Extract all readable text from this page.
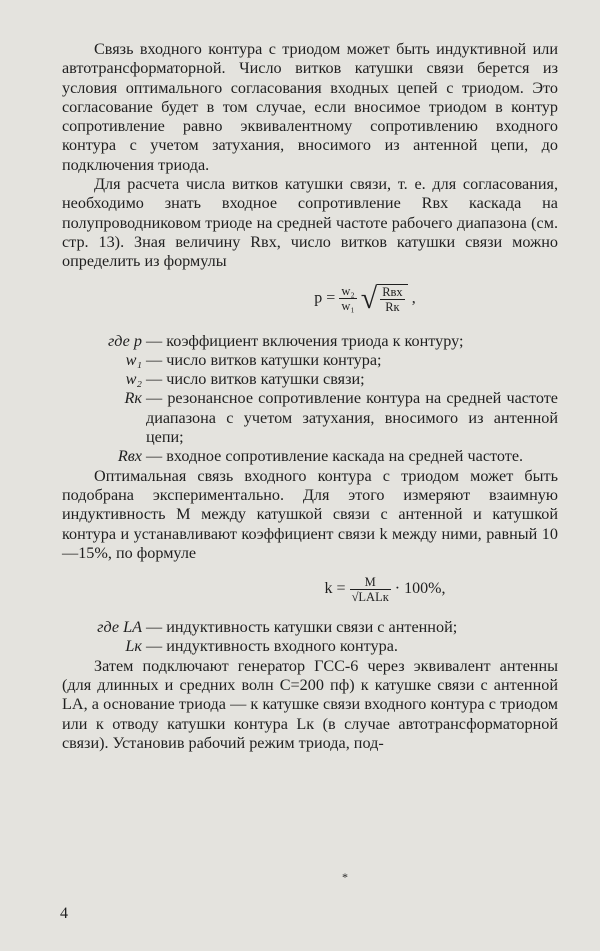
Связь входного контура с триодом может быть индуктивной или автотрансформаторной. Число витков катушки связи берется из условия оптимального согласования входных цепей с триодом. Это согласование будет в том случае, если вносимое триодом в контур сопротивление равно эквивалентному сопротивлению входного контура с учетом затухания, вносимого из антенной цепи, до подключения триода.

Для расчета числа витков катушки связи, т. е. для согласования, необходимо знать входное сопротивление Rвх каскада на полупроводниковом триоде на средней частоте рабочего диапазона (см. стр. 13). Зная величину Rвх, число витков катушки связи можно определить из формулы

$p = \frac{\text{w₂}}{\text{w₁}}$ √ $\frac{\text{Rвх}}{Rк}$ ,
где p — коэффициент включения триода к контуру;
w₁ — число витков катушки контура;
w₂ — число витков катушки связи;
Rк — резонансное сопротивление контура на средней частоте диапазона с учетом затухания, вносимого из антенной цепи;
Rвх — входное сопротивление каскада на средней частоте.

Оптимальная связь входного контура с триодом может быть подобрана экспериментально. Для этого измеряют взаимную индуктивность M между катушкой связи с антенной и катушкой контура и устанавливают коэффициент связи k между ними, равный 10—15%, по формуле

$k = \frac{M}{\text{√LАLк}} \cdot 100\%$,
где LА — индуктивность катушки связи с антенной;
Lк — индуктивность входного контура.

Затем подключают генератор ГСС-6 через эквивалент антенны (для длинных и средних волн C=200 пф) к катушке связи с антенной LА, а основание триода — к катушке связи входного контура с триодом или к отводу катушки контура Lк (в случае автотрансформаторной связи). Установив рабочий режим триода, под-

*
4
